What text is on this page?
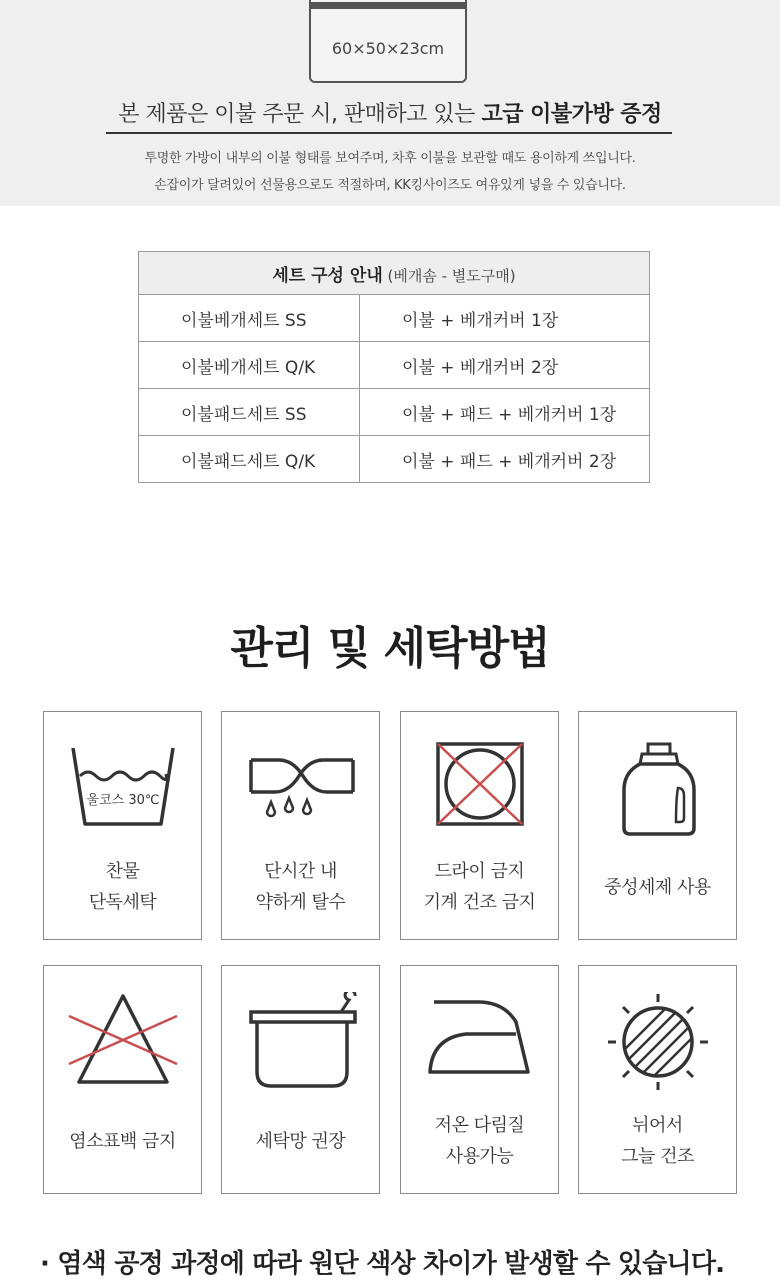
60×50×23cm
본 제품은 이불 주문 시, 판매하고 있는 고급 이불가방 증정
투명한 가방이 내부의 이불 형태를 보여주며, 차후 이불을 보관할 때도 용이하게 쓰입니다.
손잡이가 달려있어 선물용으로도 적절하며, KK킹사이즈도 여유있게 넣을 수 있습니다.
세트 구성 안내 (베개솜 - 별도구매)	
이불베개세트 SS	이불 + 베개커버 1장
이불베개세트 Q/K	이불 + 베개커버 2장
이불패드세트 SS	이불 + 패드 + 베개커버 1장
이불패드세트 Q/K	이불 + 패드 + 베개커버 2장
관리 및 세탁방법
울코스 30℃
찬물
단독세탁
단시간 내
약하게 탈수
드라이 금지
기계 건조 금지
중성세제 사용
염소표백 금지	세탁망 권장
저온 다림질
사용가능
뉘어서
그늘 건조
· 염색 공정 과정에 따라 원단 색상 차이가 발생할 수 있습니다.
